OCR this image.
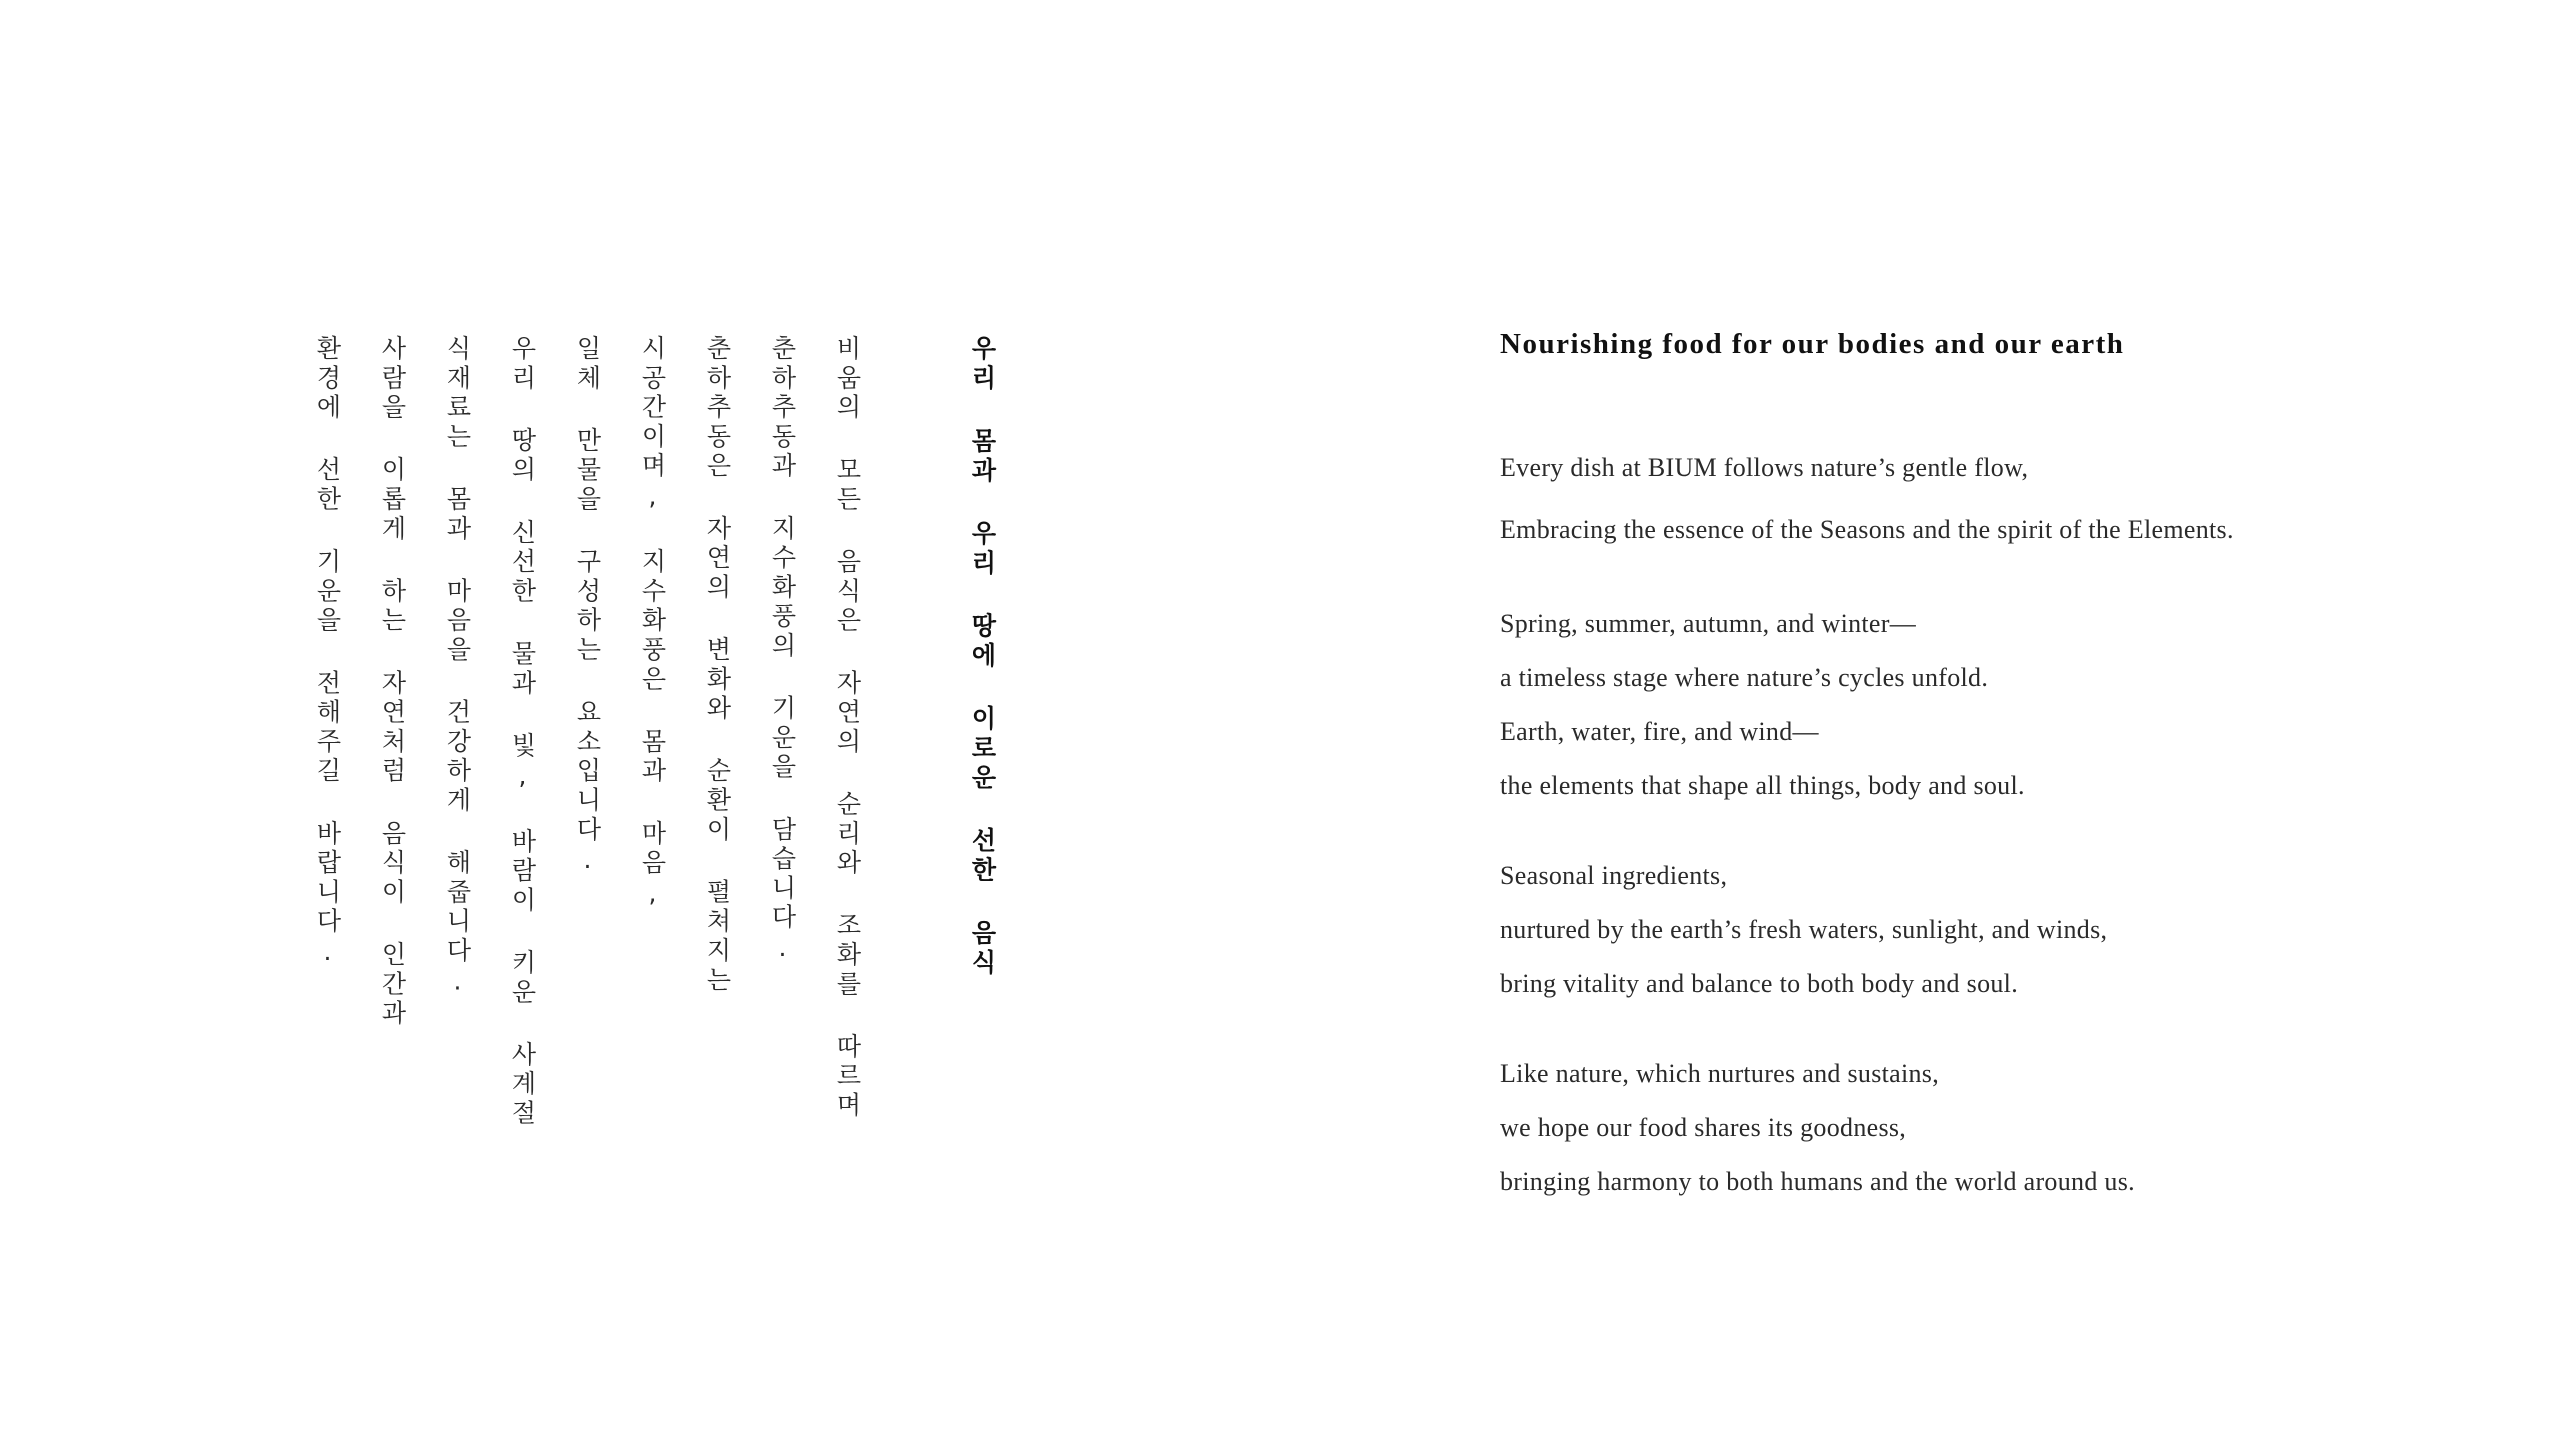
우리 몸과 우리 땅에 이로운 선한 음식
비움의 모든 음식은 자연의 순리와 조화를 따르며
춘하추동과 지수화풍의 기운을 담습니다.
춘하추동은 자연의 변화와 순환이 펼쳐지는
시공간이며, 지수화풍은 몸과 마음,
일체 만물을 구성하는 요소입니다.
우리 땅의 신선한 물과 빛, 바람이 키운 사계절
식재료는 몸과 마음을 건강하게 해줍니다.
사람을 이롭게 하는 자연처럼 음식이 인간과
환경에 선한 기운을 전해주길 바랍니다.	Nourishing food for our bodies and our earth
Every dish at BIUM follows nature’s gentle flow,
Embracing the essence of the Seasons and the spirit of the Elements.
Spring, summer, autumn, and winter—
a timeless stage where nature’s cycles unfold.
Earth, water, fire, and wind—
the elements that shape all things, body and soul.
Seasonal ingredients,
nurtured by the earth’s fresh waters, sunlight, and winds,
bring vitality and balance to both body and soul.
Like nature, which nurtures and sustains,
we hope our food shares its goodness,
bringing harmony to both humans and the world around us.
